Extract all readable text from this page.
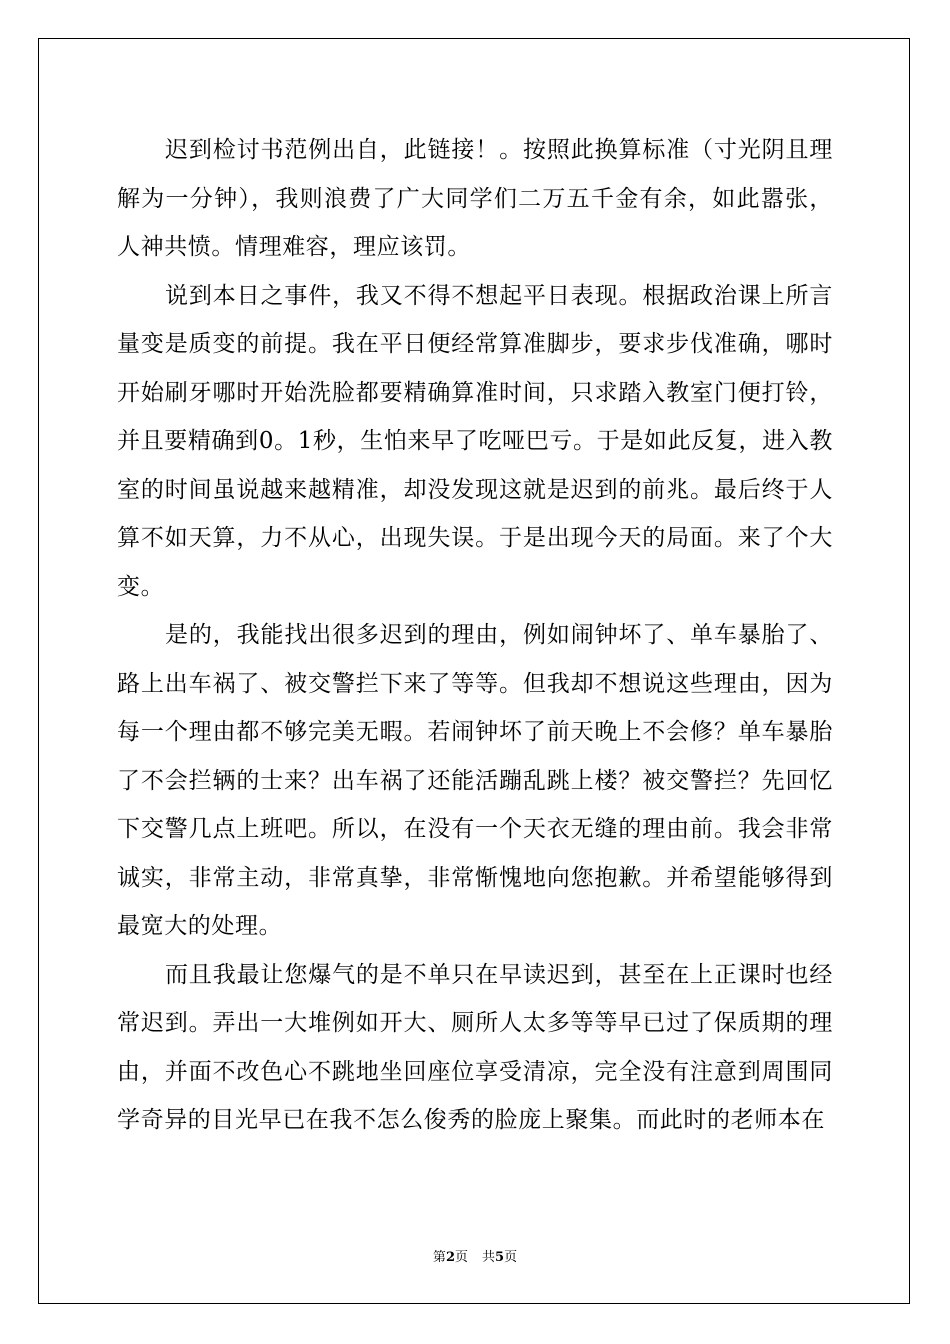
迟到检讨书范例出自，此链接！。按照此换算标准（寸光阴且理解为一分钟），我则浪费了广大同学们二万五千金有余，如此嚣张，人神共愤。情理难容，理应该罚。

说到本日之事件，我又不得不想起平日表现。根据政治课上所言量变是质变的前提。我在平日便经常算准脚步，要求步伐准确，哪时开始刷牙哪时开始洗脸都要精确算准时间，只求踏入教室门便打铃，并且要精确到0。1秒，生怕来早了吃哑巴亏。于是如此反复，进入教室的时间虽说越来越精准，却没发现这就是迟到的前兆。最后终于人算不如天算，力不从心，出现失误。于是出现今天的局面。来了个大变。

是的，我能找出很多迟到的理由，例如闹钟坏了、单车暴胎了、路上出车祸了、被交警拦下来了等等。但我却不想说这些理由，因为每一个理由都不够完美无暇。若闹钟坏了前天晚上不会修？单车暴胎了不会拦辆的士来？出车祸了还能活蹦乱跳上楼？被交警拦？先回忆下交警几点上班吧。所以，在没有一个天衣无缝的理由前。我会非常诚实，非常主动，非常真挚，非常惭愧地向您抱歉。并希望能够得到最宽大的处理。

而且我最让您爆气的是不单只在早读迟到，甚至在上正课时也经常迟到。弄出一大堆例如开大、厕所人太多等等早已过了保质期的理由，并面不改色心不跳地坐回座位享受清凉，完全没有注意到周围同学奇异的目光早已在我不怎么俊秀的脸庞上聚集。而此时的老师本在

第2页 共5页
